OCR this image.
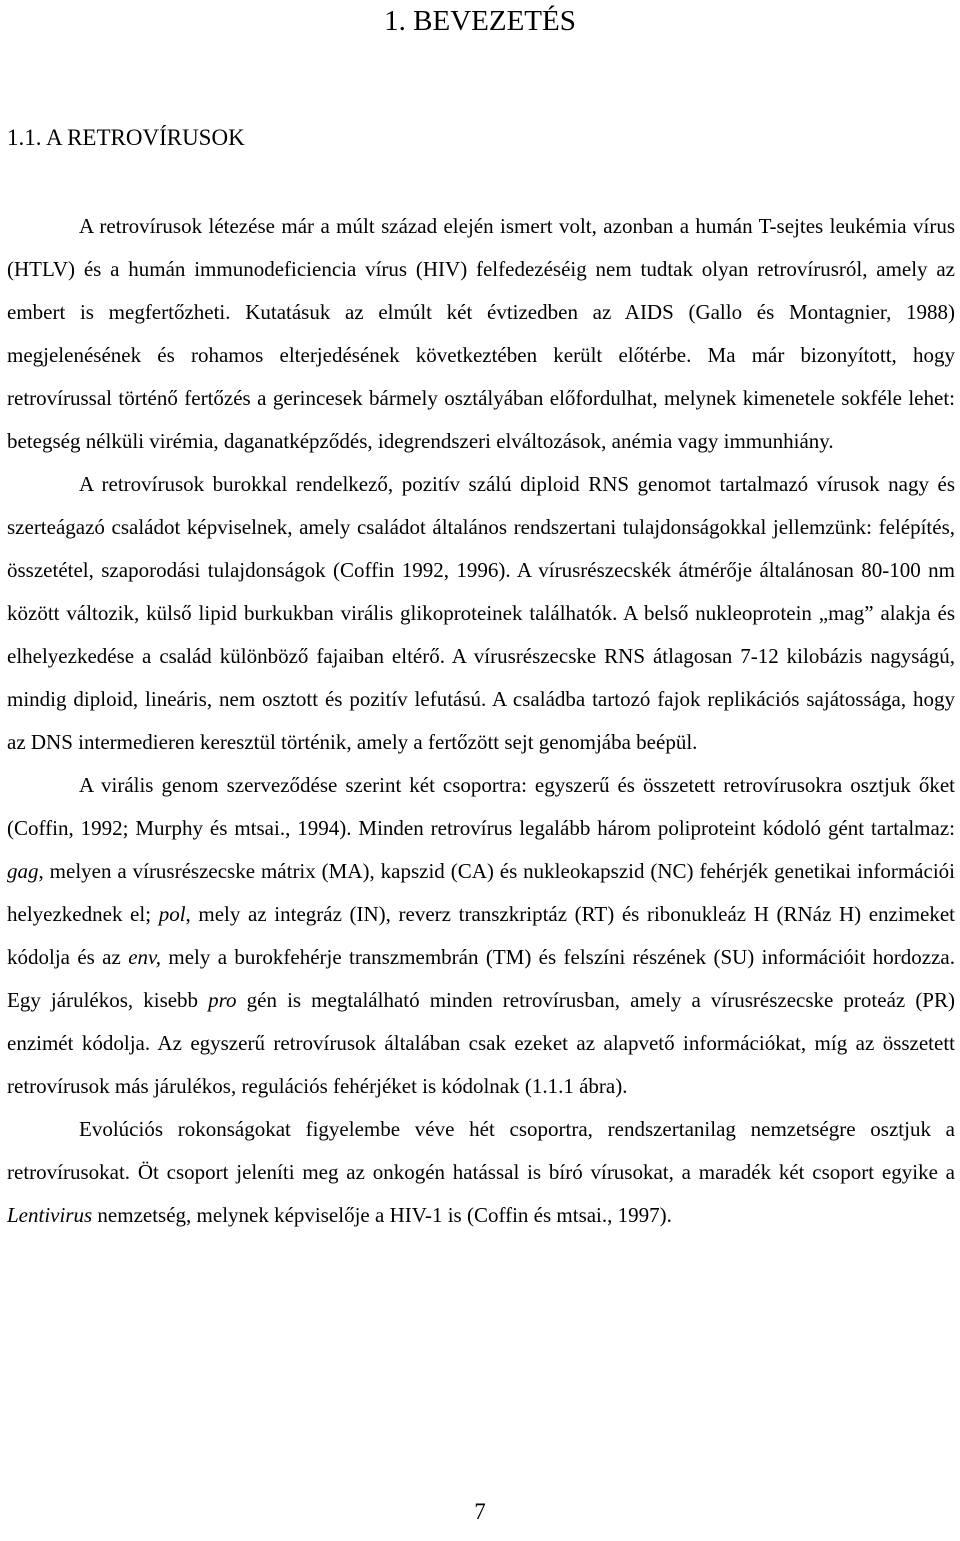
1. BEVEZETÉS
1.1. A RETROVÍRUSOK

A retrovírusok létezése már a múlt század elején ismert volt, azonban a humán T-sejtes leukémia vírus (HTLV) és a humán immunodeficiencia vírus (HIV) felfedezéséig nem tudtak olyan retrovírusról, amely az embert is megfertőzheti. Kutatásuk az elmúlt két évtizedben az AIDS (Gallo és Montagnier, 1988) megjelenésének és rohamos elterjedésének következtében került előtérbe. Ma már bizonyított, hogy retrovírussal történő fertőzés a gerincesek bármely osztályában előfordulhat, melynek kimenetele sokféle lehet: betegség nélküli virémia, daganatképződés, idegrendszeri elváltozások, anémia vagy immunhiány.

A retrovírusok burokkal rendelkező, pozitív szálú diploid RNS genomot tartalmazó vírusok nagy és szerteágazó családot képviselnek, amely családot általános rendszertani tulajdonságokkal jellemzünk: felépítés, összetétel, szaporodási tulajdonságok (Coffin 1992, 1996). A vírusrészecskék átmérője általánosan 80-100 nm között változik, külső lipid burkukban virális glikoproteinek találhatók. A belső nukleoprotein „mag” alakja és elhelyezkedése a család különböző fajaiban eltérő. A vírusrészecske RNS átlagosan 7-12 kilobázis nagyságú, mindig diploid, lineáris, nem osztott és pozitív lefutású. A családba tartozó fajok replikációs sajátossága, hogy az DNS intermedieren keresztül történik, amely a fertőzött sejt genomjába beépül.

A virális genom szerveződése szerint két csoportra: egyszerű és összetett retrovírusokra osztjuk őket (Coffin, 1992; Murphy és mtsai., 1994). Minden retrovírus legalább három poliproteint kódoló gént tartalmaz: gag, melyen a vírusrészecske mátrix (MA), kapszid (CA) és nukleokapszid (NC) fehérjék genetikai információi helyezkednek el; pol, mely az integráz (IN), reverz transzkriptáz (RT) és ribonukleáz H (RNáz H) enzimeket kódolja és az env, mely a burokfehérje transzmembrán (TM) és felszíni részének (SU) információit hordozza. Egy járulékos, kisebb pro gén is megtalálható minden retrovírusban, amely a vírusrészecske proteáz (PR) enzimét kódolja. Az egyszerű retrovírusok általában csak ezeket az alapvető információkat, míg az összetett retrovírusok más járulékos, regulációs fehérjéket is kódolnak (1.1.1 ábra).

Evolúciós rokonságokat figyelembe véve hét csoportra, rendszertanilag nemzetségre osztjuk a retrovírusokat. Öt csoport jeleníti meg az onkogén hatással is bíró vírusokat, a maradék két csoport egyike a Lentivirus nemzetség, melynek képviselője a HIV-1 is (Coffin és mtsai., 1997).

7
